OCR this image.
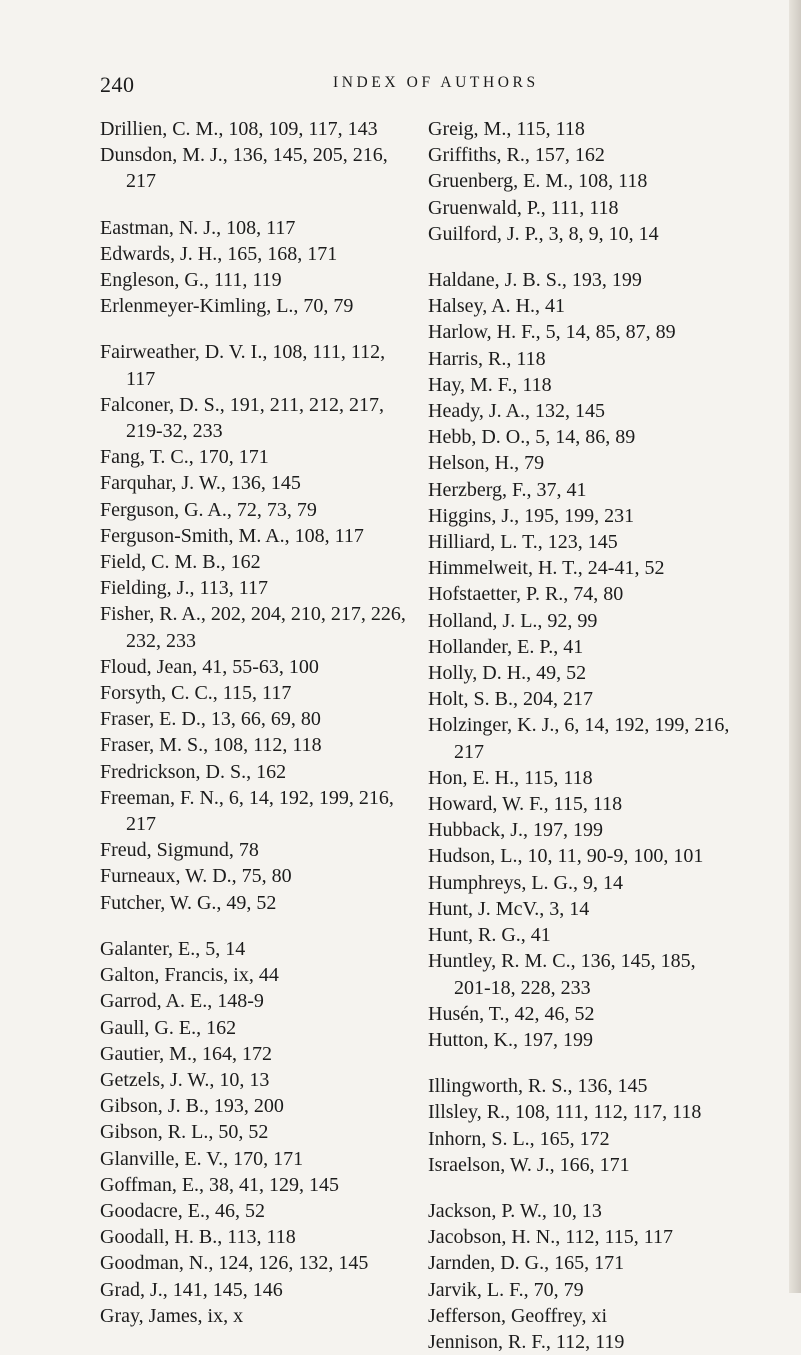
240	INDEX OF AUTHORS
Drillien, C. M., 108, 109, 117, 143
Dunsdon, M. J., 136, 145, 205, 216,
217
Eastman, N. J., 108, 117
Edwards, J. H., 165, 168, 171
Engleson, G., 111, 119
Erlenmeyer-Kimling, L., 70, 79
Fairweather, D. V. I., 108, 111, 112,
117
Falconer, D. S., 191, 211, 212, 217,
219-32, 233
Fang, T. C., 170, 171
Farquhar, J. W., 136, 145
Ferguson, G. A., 72, 73, 79
Ferguson-Smith, M. A., 108, 117
Field, C. M. B., 162
Fielding, J., 113, 117
Fisher, R. A., 202, 204, 210, 217, 226,
232, 233
Floud, Jean, 41, 55-63, 100
Forsyth, C. C., 115, 117
Fraser, E. D., 13, 66, 69, 80
Fraser, M. S., 108, 112, 118
Fredrickson, D. S., 162
Freeman, F. N., 6, 14, 192, 199, 216,
217
Freud, Sigmund, 78
Furneaux, W. D., 75, 80
Futcher, W. G., 49, 52
Galanter, E., 5, 14
Galton, Francis, ix, 44
Garrod, A. E., 148-9
Gaull, G. E., 162
Gautier, M., 164, 172
Getzels, J. W., 10, 13
Gibson, J. B., 193, 200
Gibson, R. L., 50, 52
Glanville, E. V., 170, 171
Goffman, E., 38, 41, 129, 145
Goodacre, E., 46, 52
Goodall, H. B., 113, 118
Goodman, N., 124, 126, 132, 145
Grad, J., 141, 145, 146
Gray, James, ix, x
Greig, M., 115, 118
Griffiths, R., 157, 162
Gruenberg, E. M., 108, 118
Gruenwald, P., 111, 118
Guilford, J. P., 3, 8, 9, 10, 14
Haldane, J. B. S., 193, 199
Halsey, A. H., 41
Harlow, H. F., 5, 14, 85, 87, 89
Harris, R., 118
Hay, M. F., 118
Heady, J. A., 132, 145
Hebb, D. O., 5, 14, 86, 89
Helson, H., 79
Herzberg, F., 37, 41
Higgins, J., 195, 199, 231
Hilliard, L. T., 123, 145
Himmelweit, H. T., 24-41, 52
Hofstaetter, P. R., 74, 80
Holland, J. L., 92, 99
Hollander, E. P., 41
Holly, D. H., 49, 52
Holt, S. B., 204, 217
Holzinger, K. J., 6, 14, 192, 199, 216,
217
Hon, E. H., 115, 118
Howard, W. F., 115, 118
Hubback, J., 197, 199
Hudson, L., 10, 11, 90-9, 100, 101
Humphreys, L. G., 9, 14
Hunt, J. McV., 3, 14
Hunt, R. G., 41
Huntley, R. M. C., 136, 145, 185,
201-18, 228, 233
Husén, T., 42, 46, 52
Hutton, K., 197, 199
Illingworth, R. S., 136, 145
Illsley, R., 108, 111, 112, 117, 118
Inhorn, S. L., 165, 172
Israelson, W. J., 166, 171
Jackson, P. W., 10, 13
Jacobson, H. N., 112, 115, 117
Jarnden, D. G., 165, 171
Jarvik, L. F., 70, 79
Jefferson, Geoffrey, xi
Jennison, R. F., 112, 119
